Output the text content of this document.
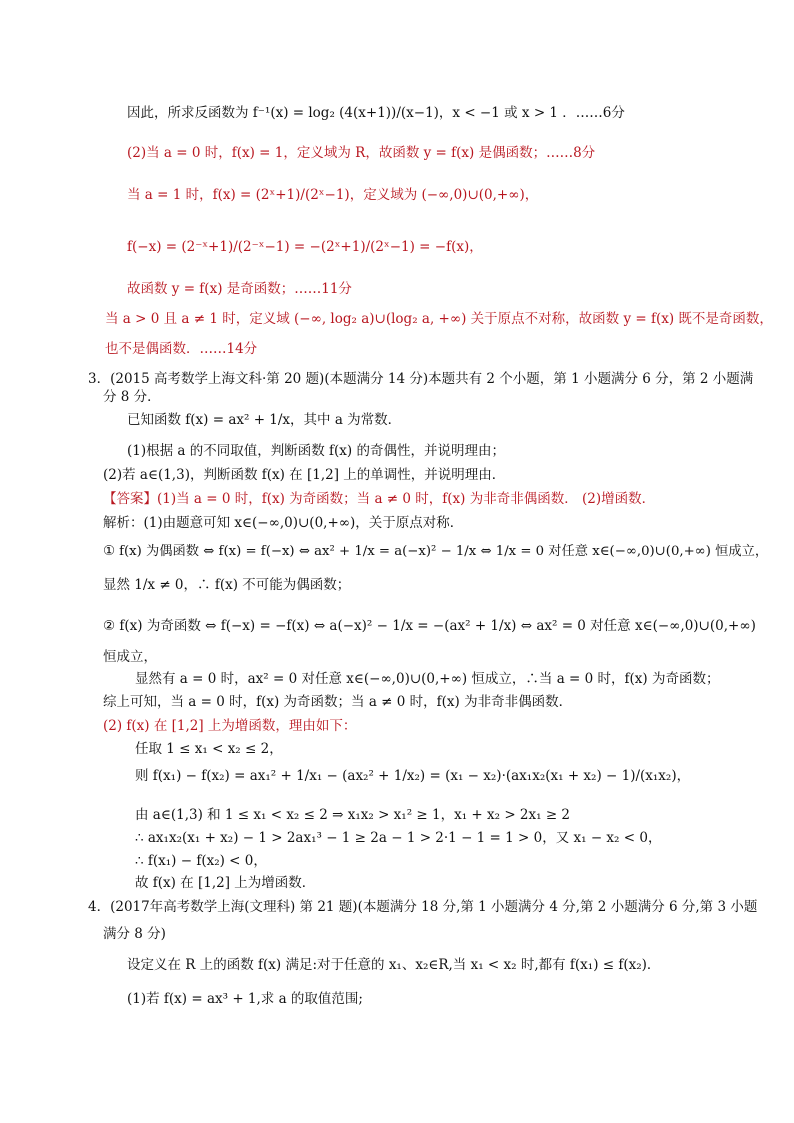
因此，所求反函数为 f⁻¹(x) = log₂ (4(x+1))/(x−1)，x < −1 或 x > 1 ．……6分
(2)当 a = 0 时，f(x) = 1，定义域为 R，故函数 y = f(x) 是偶函数；……8分
当 a = 1 时，f(x) = (2ˣ+1)/(2ˣ−1)，定义域为 (−∞,0)∪(0,+∞)，
f(−x) = (2⁻ˣ+1)/(2⁻ˣ−1) = −(2ˣ+1)/(2ˣ−1) = −f(x)，
故函数 y = f(x) 是奇函数；……11分
当 a > 0 且 a ≠ 1 时，定义域 (−∞, log₂ a)∪(log₂ a, +∞) 关于原点不对称，故函数 y = f(x) 既不是奇函数，
也不是偶函数．……14分
3．(2015 高考数学上海文科·第 20 题)(本题满分 14 分)本题共有 2 个小题，第 1 小题满分 6 分，第 2 小题满
分 8 分．
已知函数 f(x) = ax² + 1/x，其中 a 为常数．
(1)根据 a 的不同取值，判断函数 f(x) 的奇偶性，并说明理由；
(2)若 a∈(1,3)，判断函数 f(x) 在 [1,2] 上的单调性，并说明理由．
【答案】(1)当 a = 0 时，f(x) 为奇函数；当 a ≠ 0 时，f(x) 为非奇非偶函数． (2)增函数．
解析：(1)由题意可知 x∈(−∞,0)∪(0,+∞)，关于原点对称．
① f(x) 为偶函数 ⇔ f(x) = f(−x) ⇔ ax² + 1/x = a(−x)² − 1/x ⇔ 1/x = 0 对任意 x∈(−∞,0)∪(0,+∞) 恒成立，
显然 1/x ≠ 0，∴ f(x) 不可能为偶函数；
② f(x) 为奇函数 ⇔ f(−x) = −f(x) ⇔ a(−x)² − 1/x = −(ax² + 1/x) ⇔ ax² = 0 对任意 x∈(−∞,0)∪(0,+∞)
恒成立，
显然有 a = 0 时，ax² = 0 对任意 x∈(−∞,0)∪(0,+∞) 恒成立，∴当 a = 0 时，f(x) 为奇函数；
综上可知，当 a = 0 时，f(x) 为奇函数；当 a ≠ 0 时，f(x) 为非奇非偶函数．
(2) f(x) 在 [1,2] 上为增函数，理由如下：
任取 1 ≤ x₁ < x₂ ≤ 2，
则 f(x₁) − f(x₂) = ax₁² + 1/x₁ − (ax₂² + 1/x₂) = (x₁ − x₂)·(ax₁x₂(x₁ + x₂) − 1)/(x₁x₂)，
由 a∈(1,3) 和 1 ≤ x₁ < x₂ ≤ 2 ⇒ x₁x₂ > x₁² ≥ 1，x₁ + x₂ > 2x₁ ≥ 2
∴ ax₁x₂(x₁ + x₂) − 1 > 2ax₁³ − 1 ≥ 2a − 1 > 2·1 − 1 = 1 > 0，又 x₁ − x₂ < 0，
∴ f(x₁) − f(x₂) < 0，
故 f(x) 在 [1,2] 上为增函数．
4．(2017年高考数学上海(文理科) 第 21 题)(本题满分 18 分,第 1 小题满分 4 分,第 2 小题满分 6 分,第 3 小题
满分 8 分)
设定义在 R 上的函数 f(x) 满足:对于任意的 x₁、x₂∈R,当 x₁ < x₂ 时,都有 f(x₁) ≤ f(x₂)．
(1)若 f(x) = ax³ + 1,求 a 的取值范围;
